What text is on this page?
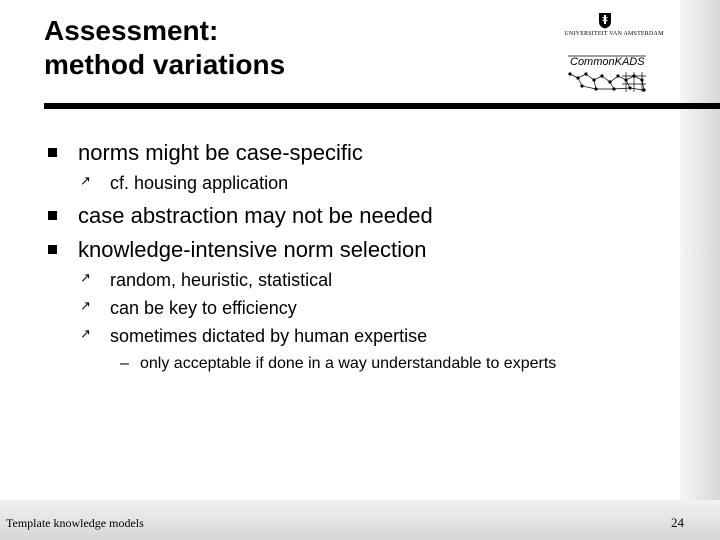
Assessment:
method variations
UNIVERSITEIT VAN AMSTERDAM
CommonKADS
norms might be case-specific
↗ cf. housing application
case abstraction may not be needed
knowledge-intensive norm selection
↗ random, heuristic, statistical
↗ can be key to efficiency
↗ sometimes dictated by human expertise
– only acceptable if done in a way understandable to experts
Template knowledge models	24
